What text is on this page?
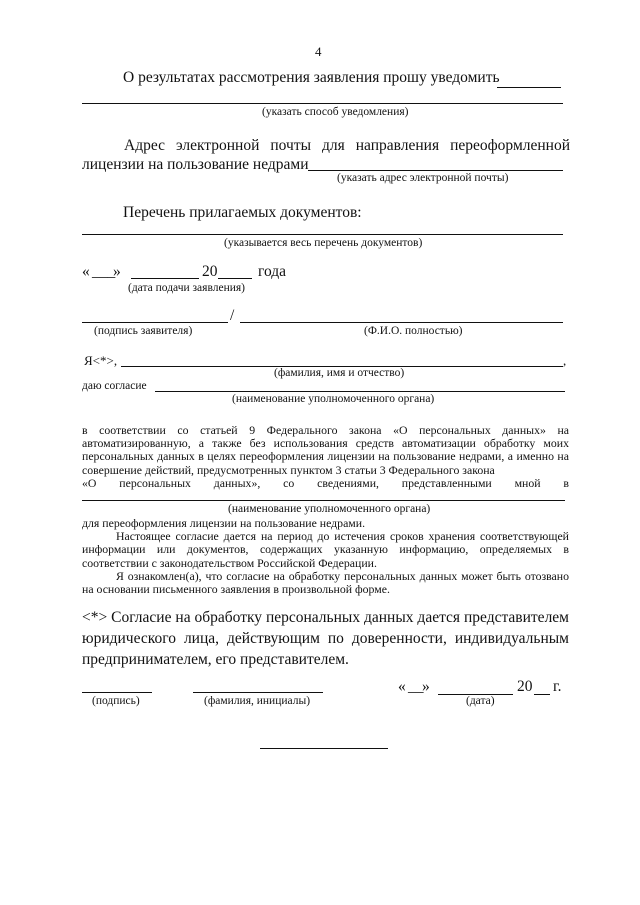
4
О результатах рассмотрения заявления прошу уведомить
(указать способ уведомления)
Адрес электронной почты для направления переоформленной
лицензии на пользование недрами
(указать адрес электронной почты)
Перечень прилагаемых документов:
(указывается весь перечень документов)
« ___
»	20	года
(дата подачи заявления)
/
(подпись заявителя)	(Ф.И.О. полностью)
Я<*>,	,
(фамилия, имя и отчество)
даю согласие
(наименование уполномоченного органа)

в соответствии со статьей 9 Федерального закона «О персональных данных» на автоматизированную, а также без использования средств автоматизации обработку моих персональных данных в целях переоформления лицензии на пользование недрами, а именно на совершение действий, предусмотренных пунктом 3 статьи 3 Федерального закона

«О персональных данных», со сведениями, представленными мной в

(наименование уполномоченного органа)

для переоформления лицензии на пользование недрами.

Настоящее согласие дается на период до истечения сроков хранения соответствующей информации или документов, содержащих указанную информацию, определяемых в соответствии с законодательством Российской Федерации.

Я ознакомлен(а), что согласие на обработку персональных данных может быть отозвано на основании письменного заявления в произвольной форме.

<*> Согласие на обработку персональных данных дается представителем юридического лица, действующим по доверенности, индивидуальным предпринимателем, его представителем.

(подпись)	(фамилия, инициалы)
« __
»	20 г.
(дата)
